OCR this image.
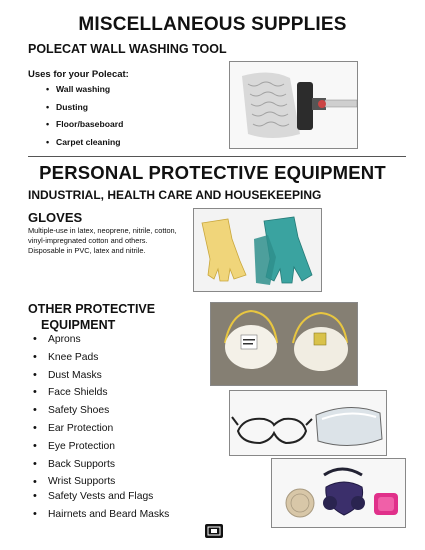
MISCELLANEOUS SUPPLIES
POLECAT WALL WASHING TOOL
Uses for your Polecat:
• Wall washing
• Dusting
• Floor/baseboard
• Carpet cleaning
PERSONAL PROTECTIVE EQUIPMENT
INDUSTRIAL, HEALTH CARE AND HOUSEKEEPING
GLOVES
Multiple-use in latex, neoprene, nitrile, cotton, vinyl-impregnated cotton and others.
Disposable in PVC, latex and nitrile.
OTHER PROTECTIVE
EQUIPMENT
• Aprons
• Knee Pads
• Dust Masks
• Face Shields
• Safety Shoes
• Ear Protection
• Eye Protection
• Back Supports
• Wrist Supports
• Safety Vests and Flags
• Hairnets and Beard Masks
